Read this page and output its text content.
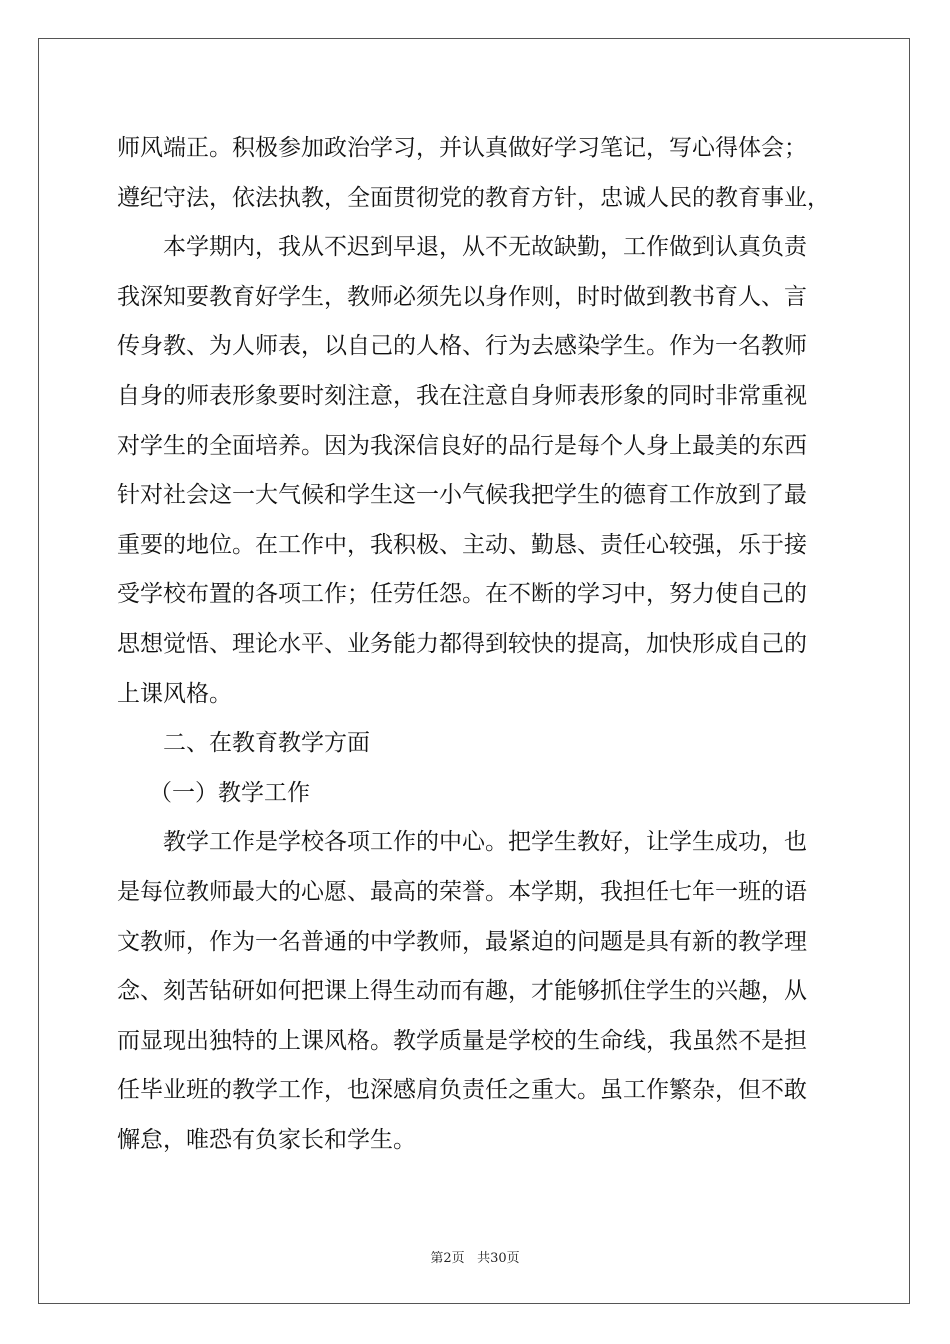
师风端正。积极参加政治学习，并认真做好学习笔记，写心得体会；
遵纪守法，依法执教，全面贯彻党的教育方针，忠诚人民的教育事业，
本学期内，我从不迟到早退，从不无故缺勤，工作做到认真负责
我深知要教育好学生，教师必须先以身作则，时时做到教书育人、言
传身教、为人师表，以自己的人格、行为去感染学生。作为一名教师
自身的师表形象要时刻注意，我在注意自身师表形象的同时非常重视
对学生的全面培养。因为我深信良好的品行是每个人身上最美的东西
针对社会这一大气候和学生这一小气候我把学生的德育工作放到了最
重要的地位。在工作中，我积极、主动、勤恳、责任心较强，乐于接
受学校布置的各项工作；任劳任怨。在不断的学习中，努力使自己的
思想觉悟、理论水平、业务能力都得到较快的提高，加快形成自己的
上课风格。
二、在教育教学方面
（一）教学工作
教学工作是学校各项工作的中心。把学生教好，让学生成功，也
是每位教师最大的心愿、最高的荣誉。本学期，我担任七年一班的语
文教师，作为一名普通的中学教师，最紧迫的问题是具有新的教学理
念、刻苦钻研如何把课上得生动而有趣，才能够抓住学生的兴趣，从
而显现出独特的上课风格。教学质量是学校的生命线，我虽然不是担
任毕业班的教学工作，也深感肩负责任之重大。虽工作繁杂，但不敢
懈怠，唯恐有负家长和学生。
第2页 共30页
